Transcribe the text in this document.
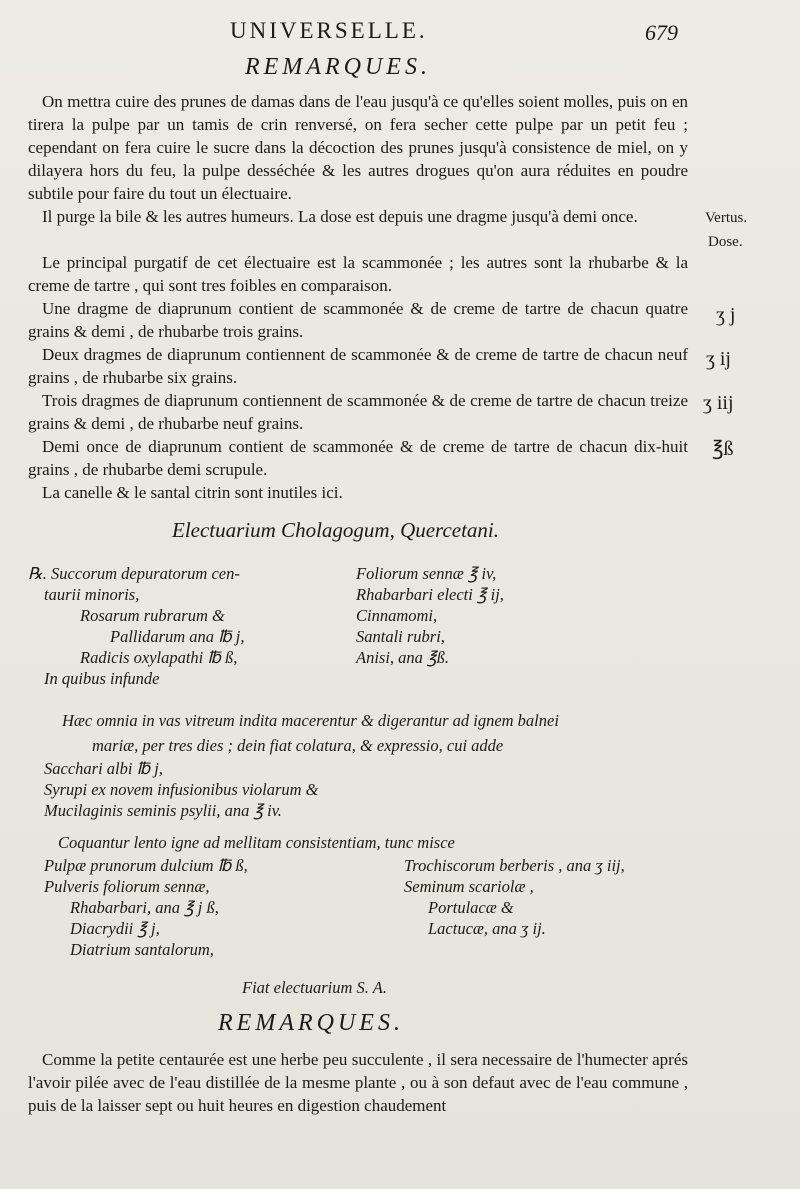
UNIVERSELLE.	679
REMARQUES.

On mettra cuire des prunes de damas dans de l'eau jusqu'à ce qu'elles soient molles, puis on en tirera la pulpe par un tamis de crin renversé, on fera secher cette pulpe par un petit feu ; cependant on fera cuire le sucre dans la décoction des prunes jusqu'à consistence de miel, on y dilayera hors du feu, la pulpe desséchée & les autres drogues qu'on aura réduites en poudre subtile pour faire du tout un électuaire.

Il purge la bile & les autres humeurs. La dose est depuis une dragme jusqu'à demi once.

Le principal purgatif de cet électuaire est la scammonée ; les autres sont la rhubarbe & la creme de tartre , qui sont tres foibles en comparaison.

Une dragme de diaprunum contient de scammonée & de creme de tartre de chacun quatre grains & demi , de rhubarbe trois grains.

Deux dragmes de diaprunum contiennent de scammonée & de creme de tartre de chacun neuf grains , de rhubarbe six grains.

Trois dragmes de diaprunum contiennent de scammonée & de creme de tartre de chacun treize grains & demi , de rhubarbe neuf grains.

Demi once de diaprunum contient de scammonée & de creme de tartre de chacun dix-huit grains , de rhubarbe demi scrupule.

La canelle & le santal citrin sont inutiles ici.

Vertus.
Dose.
ʒ j
ʒ ij
ʒ iij
℥ß
Electuarium Cholagogum, Quercetani.
℞. Succorum depuratorum cen-
taurii minoris,
Rosarum rubrarum &
Pallidarum ana ℔ j,
Radicis oxylapathi ℔ ß,
In quibus infunde
Foliorum sennæ ℥ iv,
Rhabarbari electi ℥ ij,
Cinnamomi,
Santali rubri,
Anisi, ana ℥ß.
Hæc omnia in vas vitreum indita macerentur & digerantur ad ignem balnei
mariæ, per tres dies ; dein fiat colatura, & expressio, cui adde
Sacchari albi ℔ j,
Syrupi ex novem infusionibus violarum &
Mucilaginis seminis psylii, ana ℥ iv.
Coquantur lento igne ad mellitam consistentiam, tunc misce
Pulpæ prunorum dulcium ℔ ß,
Pulveris foliorum sennæ,
Rhabarbari, ana ℥ j ß,
Diacrydii ℥ j,
Diatrium santalorum,
Trochiscorum berberis , ana ʒ iij,
Seminum scariolæ ,
Portulacæ &
Lactucæ, ana ʒ ij.
Fiat electuarium S. A.
REMARQUES.

Comme la petite centaurée est une herbe peu succulente , il sera necessaire de l'humecter aprés l'avoir pilée avec de l'eau distillée de la mesme plante , ou à son defaut avec de l'eau commune , puis de la laisser sept ou huit heures en digestion chaudement
